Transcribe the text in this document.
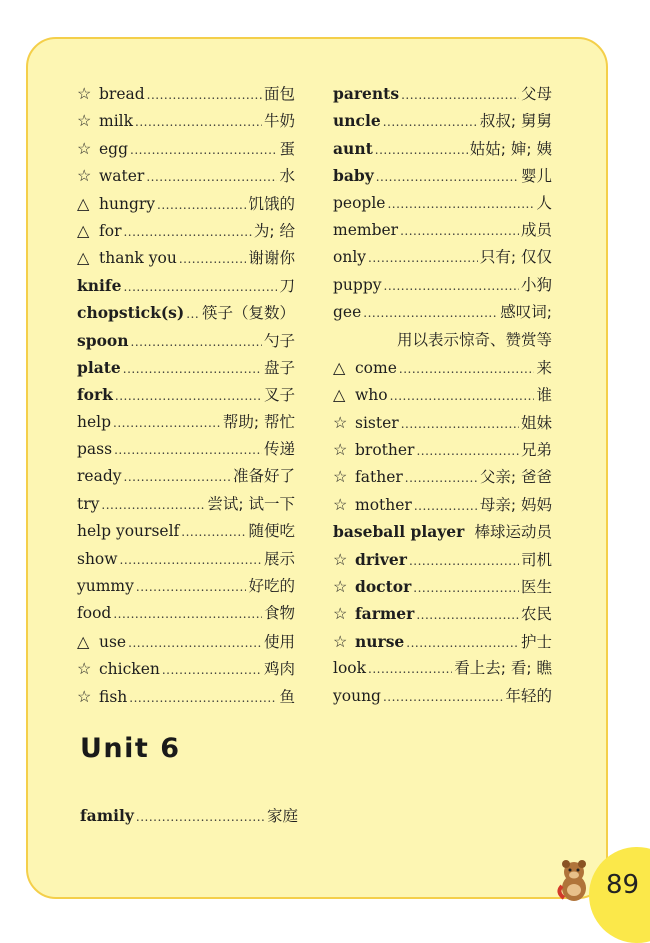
☆ bread .....	面包
☆ milk .....	牛奶
☆ egg .....	蛋
☆ water .....	水
△ hungry .....	饥饿的
△ for .....	为; 给
△ thank you .....	谢谢你
knife .....	刀
chopstick(s) ..... 筷子（复数）
spoon .....	勺子
plate .....	盘子
fork .....	叉子
help .....	帮助; 帮忙
pass .....	传递
ready .....	准备好了
try .....	尝试; 试一下
help yourself .....	随便吃
show .....	展示
yummy .....	好吃的
food .....	食物
△ use .....	使用
☆ chicken .....	鸡肉
☆ fish .....	鱼
parents .....	父母
uncle .....	叔叔; 舅舅
aunt .....	姑姑; 婶; 姨
baby .....	婴儿
people .....	人
member .....	成员
only .....	只有; 仅仅
puppy .....	小狗
gee .....	感叹词;
用以表示惊奇、赞赏等
△ come .....	来
△ who .....	谁
☆ sister .....	姐妹
☆ brother .....	兄弟
☆ father .....	父亲; 爸爸
☆ mother .....	母亲; 妈妈
baseball player 棒球运动员
☆ driver .....	司机
☆ doctor .....	医生
☆ farmer .....	农民
☆ nurse .....	护士
look .....	看上去; 看; 瞧
young .....	年轻的
Unit 6
family .....	家庭
89
